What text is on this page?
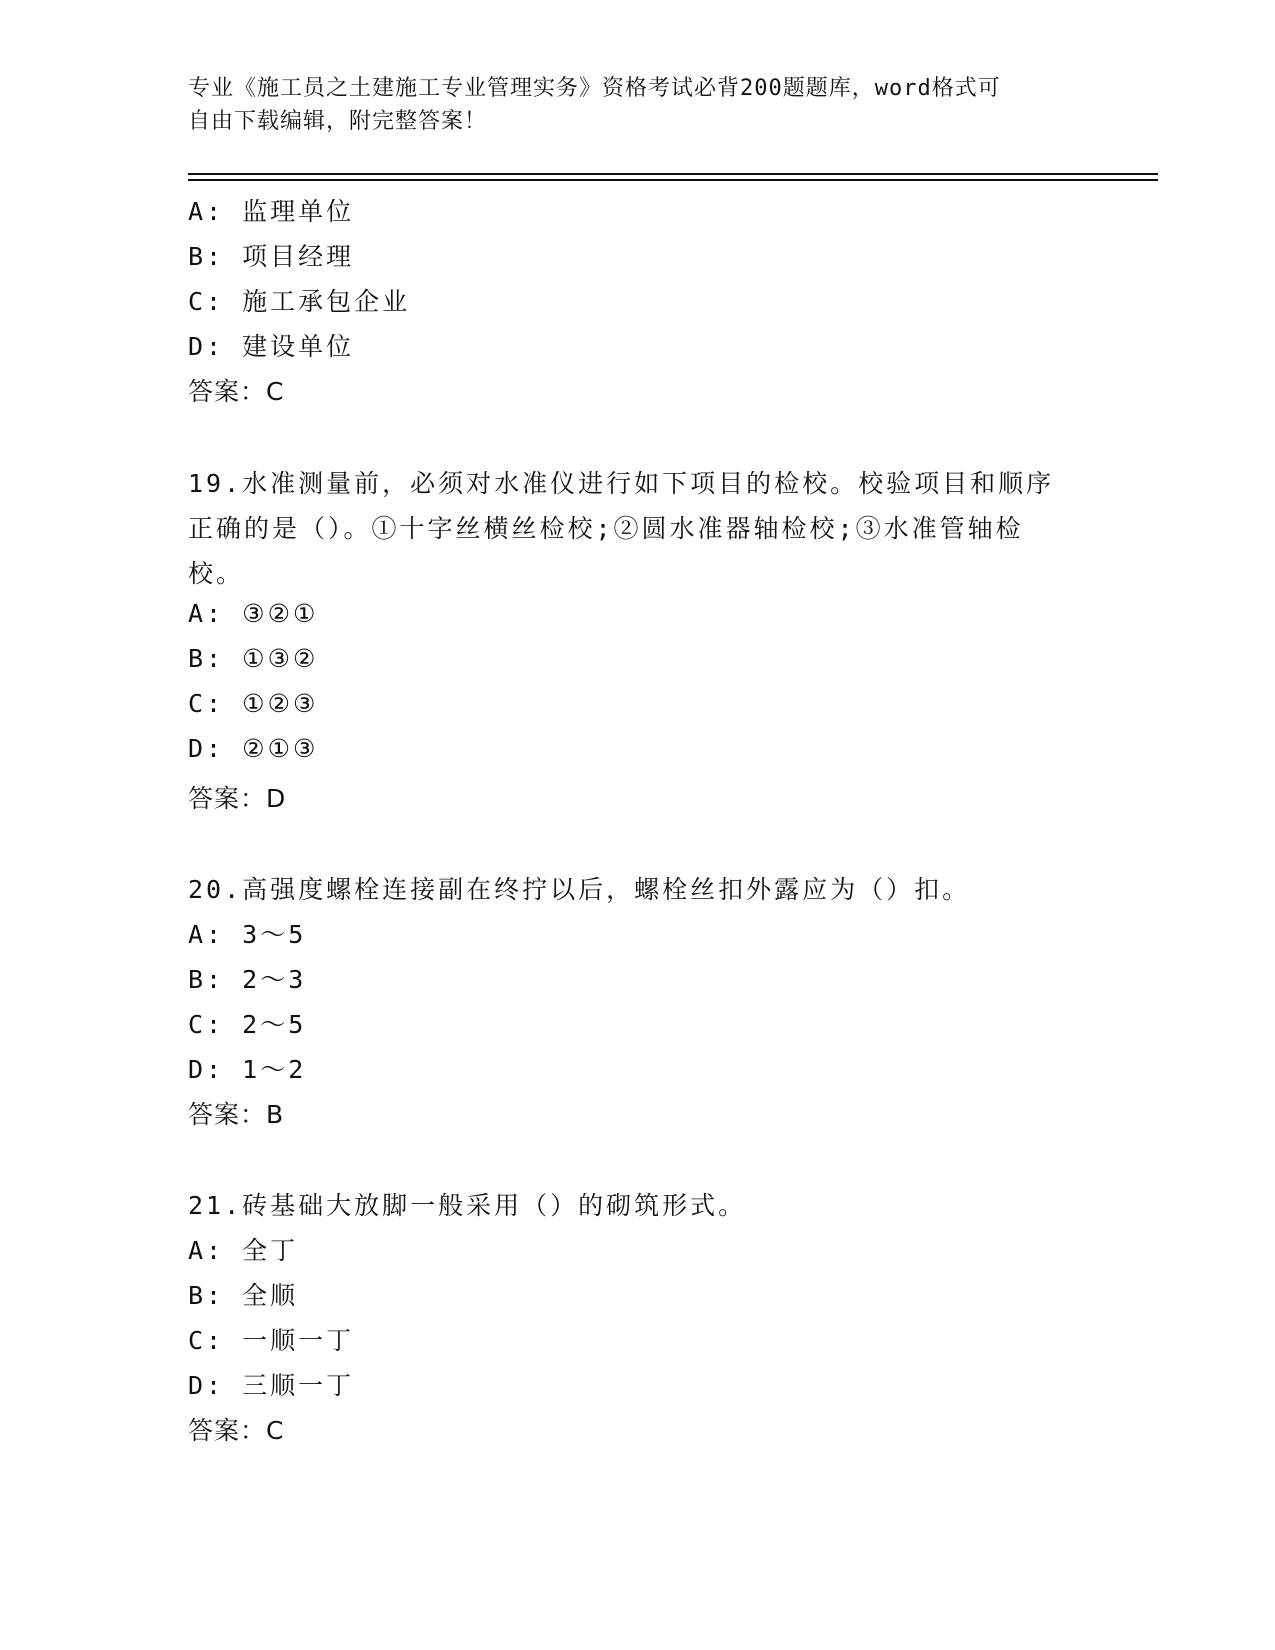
专业《施工员之土建施工专业管理实务》资格考试必背200题题库，word格式可
自由下载编辑，附完整答案！
A: 监理单位
B: 项目经理
C: 施工承包企业
D: 建设单位
答案：C
19.水准测量前，必须对水准仪进行如下项目的检校。校验项目和顺序
正确的是（）。①十字丝横丝检校;②圆水准器轴检校;③水准管轴检
校。
A: ③②①
B: ①③②
C: ①②③
D: ②①③
答案：D
20.高强度螺栓连接副在终拧以后，螺栓丝扣外露应为（）扣。
A: 3～5
B: 2～3
C: 2～5
D: 1～2
答案：B
21.砖基础大放脚一般采用（）的砌筑形式。
A: 全丁
B: 全顺
C: 一顺一丁
D: 三顺一丁
答案：C
